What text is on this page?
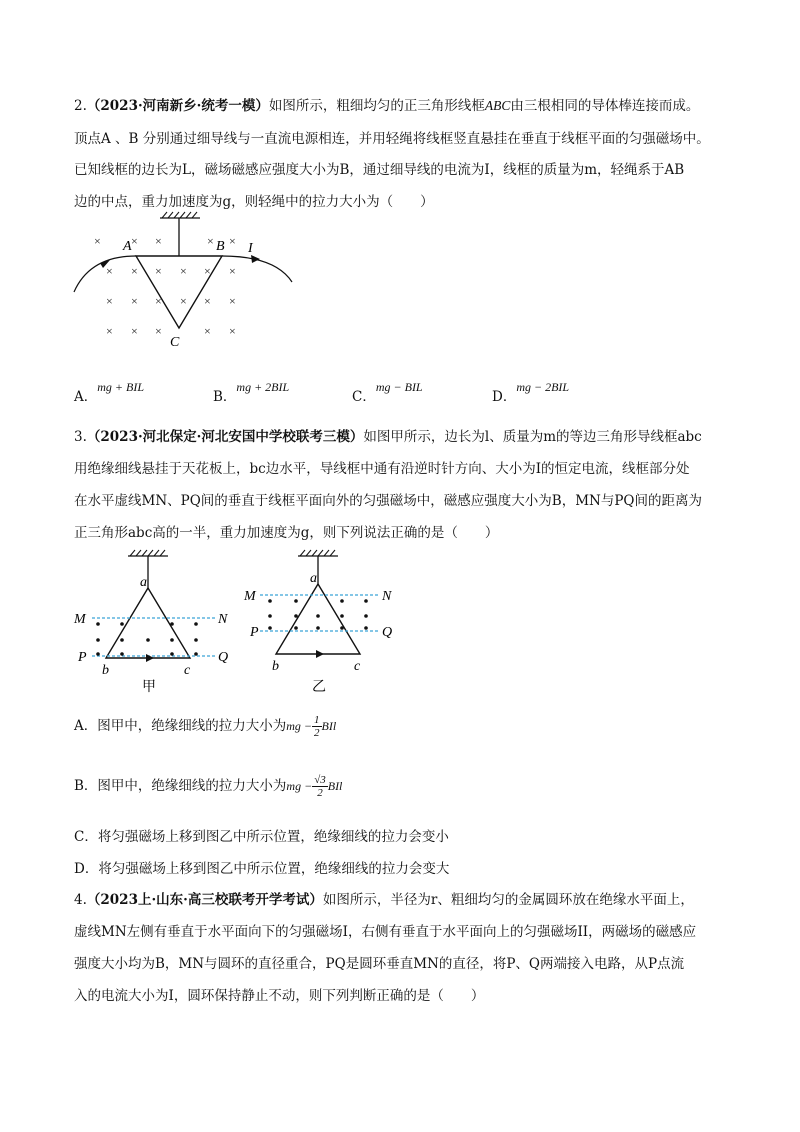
2.（2023·河南新乡·统考一模）如图所示，粗细均匀的正三角形线框ABC由三根相同的导体棒连接而成。
顶点A 、B 分别通过细导线与一直流电源相连，并用轻绳将线框竖直悬挂在垂直于线框平面的匀强磁场中。
已知线框的边长为L，磁场磁感应强度大小为B，通过细导线的电流为I，线框的质量为m，轻绳系于AB
边的中点，重力加速度为g，则轻绳中的拉力大小为（　　）
×	× ×	× ×
× × × × × ×
× × × × × ×
× × ×	× ×
A	B
C
I
A．mg + BIL
B．mg + 2BIL
C．mg − BIL
D．mg − 2BIL
3.（2023·河北保定·河北安国中学校联考三模）如图甲所示，边长为l、质量为m的等边三角形导线框abc
用绝缘细线悬挂于天花板上，bc边水平，导线框中通有沿逆时针方向、大小为I的恒定电流，线框部分处
在水平虚线MN、PQ间的垂直于线框平面向外的匀强磁场中，磁感应强度大小为B，MN与PQ间的距离为
正三角形abc高的一半，重力加速度为g，则下列说法正确的是（　　）
a
b	c
M	N
P	Q
甲
a
b	c
M	N
P	Q
乙
A．图甲中，绝缘细线的拉力大小为mg − $\frac{1}{2}$ BIl
B．图甲中，绝缘细线的拉力大小为mg − $\frac{√3}{2}$ BIl
C．将匀强磁场上移到图乙中所示位置，绝缘细线的拉力会变小
D．将匀强磁场上移到图乙中所示位置，绝缘细线的拉力会变大
4.（2023上·山东·高三校联考开学考试）如图所示，半径为r、粗细均匀的金属圆环放在绝缘水平面上，
虚线MN左侧有垂直于水平面向下的匀强磁场I，右侧有垂直于水平面向上的匀强磁场II，两磁场的磁感应
强度大小均为B，MN与圆环的直径重合，PQ是圆环垂直MN的直径，将P、Q两端接入电路，从P点流
入的电流大小为I，圆环保持静止不动，则下列判断正确的是（　　）
